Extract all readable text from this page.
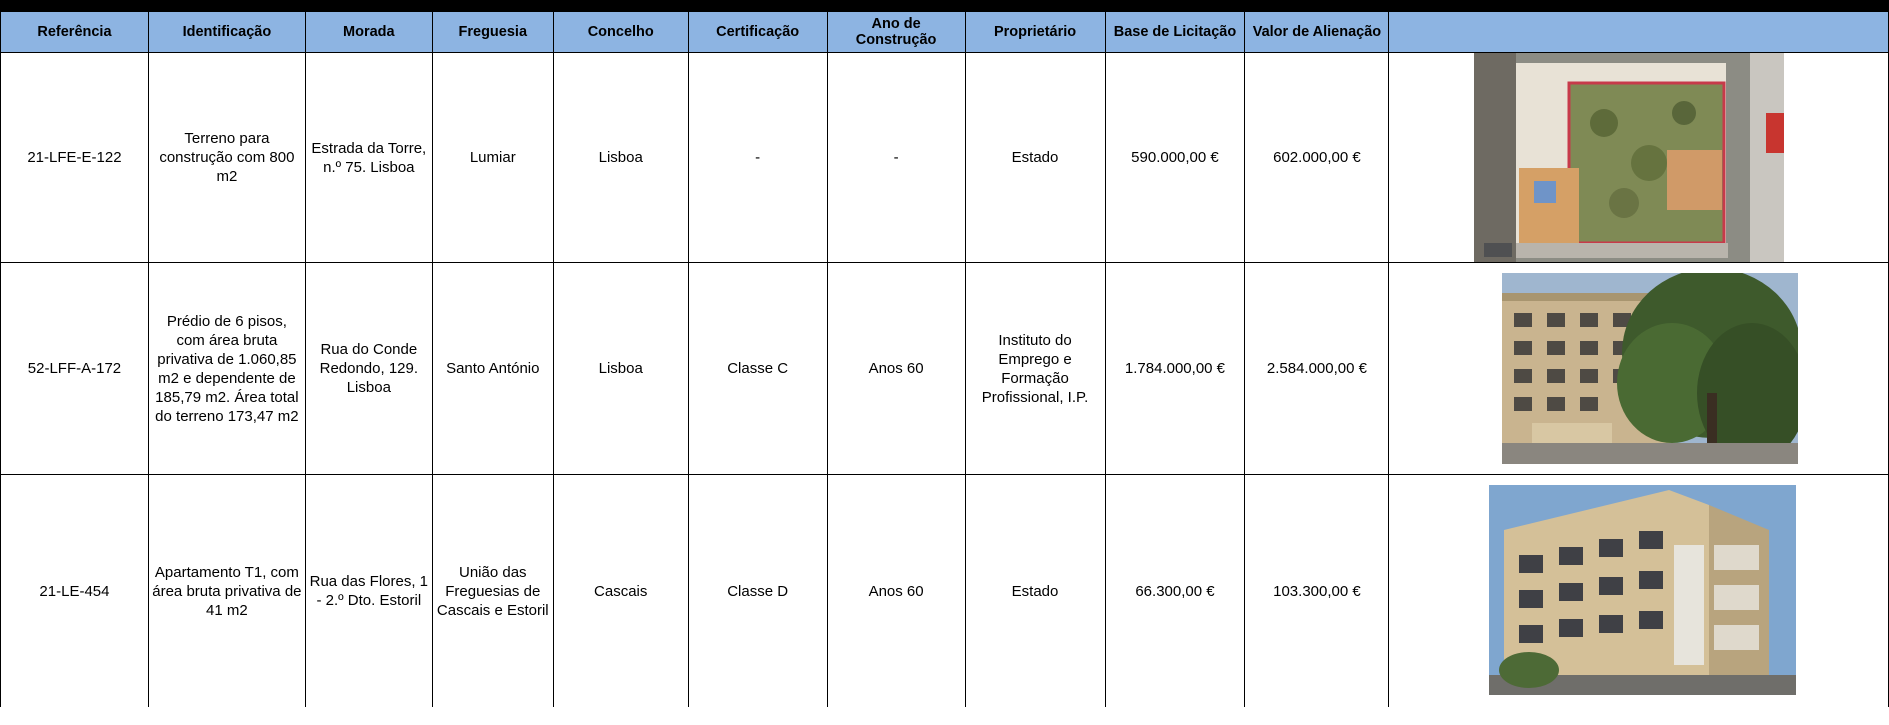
Referência	Identificação	Morada	Freguesia	Concelho	Certificação	Ano de Construção	Proprietário	Base de Licitação	Valor de Alienação	
21-LFE-E-122	Terreno para construção com 800 m2	Estrada da Torre, n.º 75. Lisboa	Lumiar	Lisboa	-	-	Estado	590.000,00 €	602.000,00 €	

52-LFF-A-172	Prédio de 6 pisos, com área bruta privativa de 1.060,85 m2 e dependente de 185,79 m2. Área total do terreno 173,47 m2	Rua do Conde Redondo, 129. Lisboa	Santo António	Lisboa	Classe C	Anos 60	Instituto do Emprego e Formação Profissional, I.P.	1.784.000,00 €	2.584.000,00 €	

21-LE-454	Apartamento T1, com área bruta privativa de 41 m2	Rua das Flores, 1 - 2.º Dto. Estoril	União das Freguesias de Cascais e Estoril	Cascais	Classe D	Anos 60	Estado	66.300,00 €	103.300,00 €	
